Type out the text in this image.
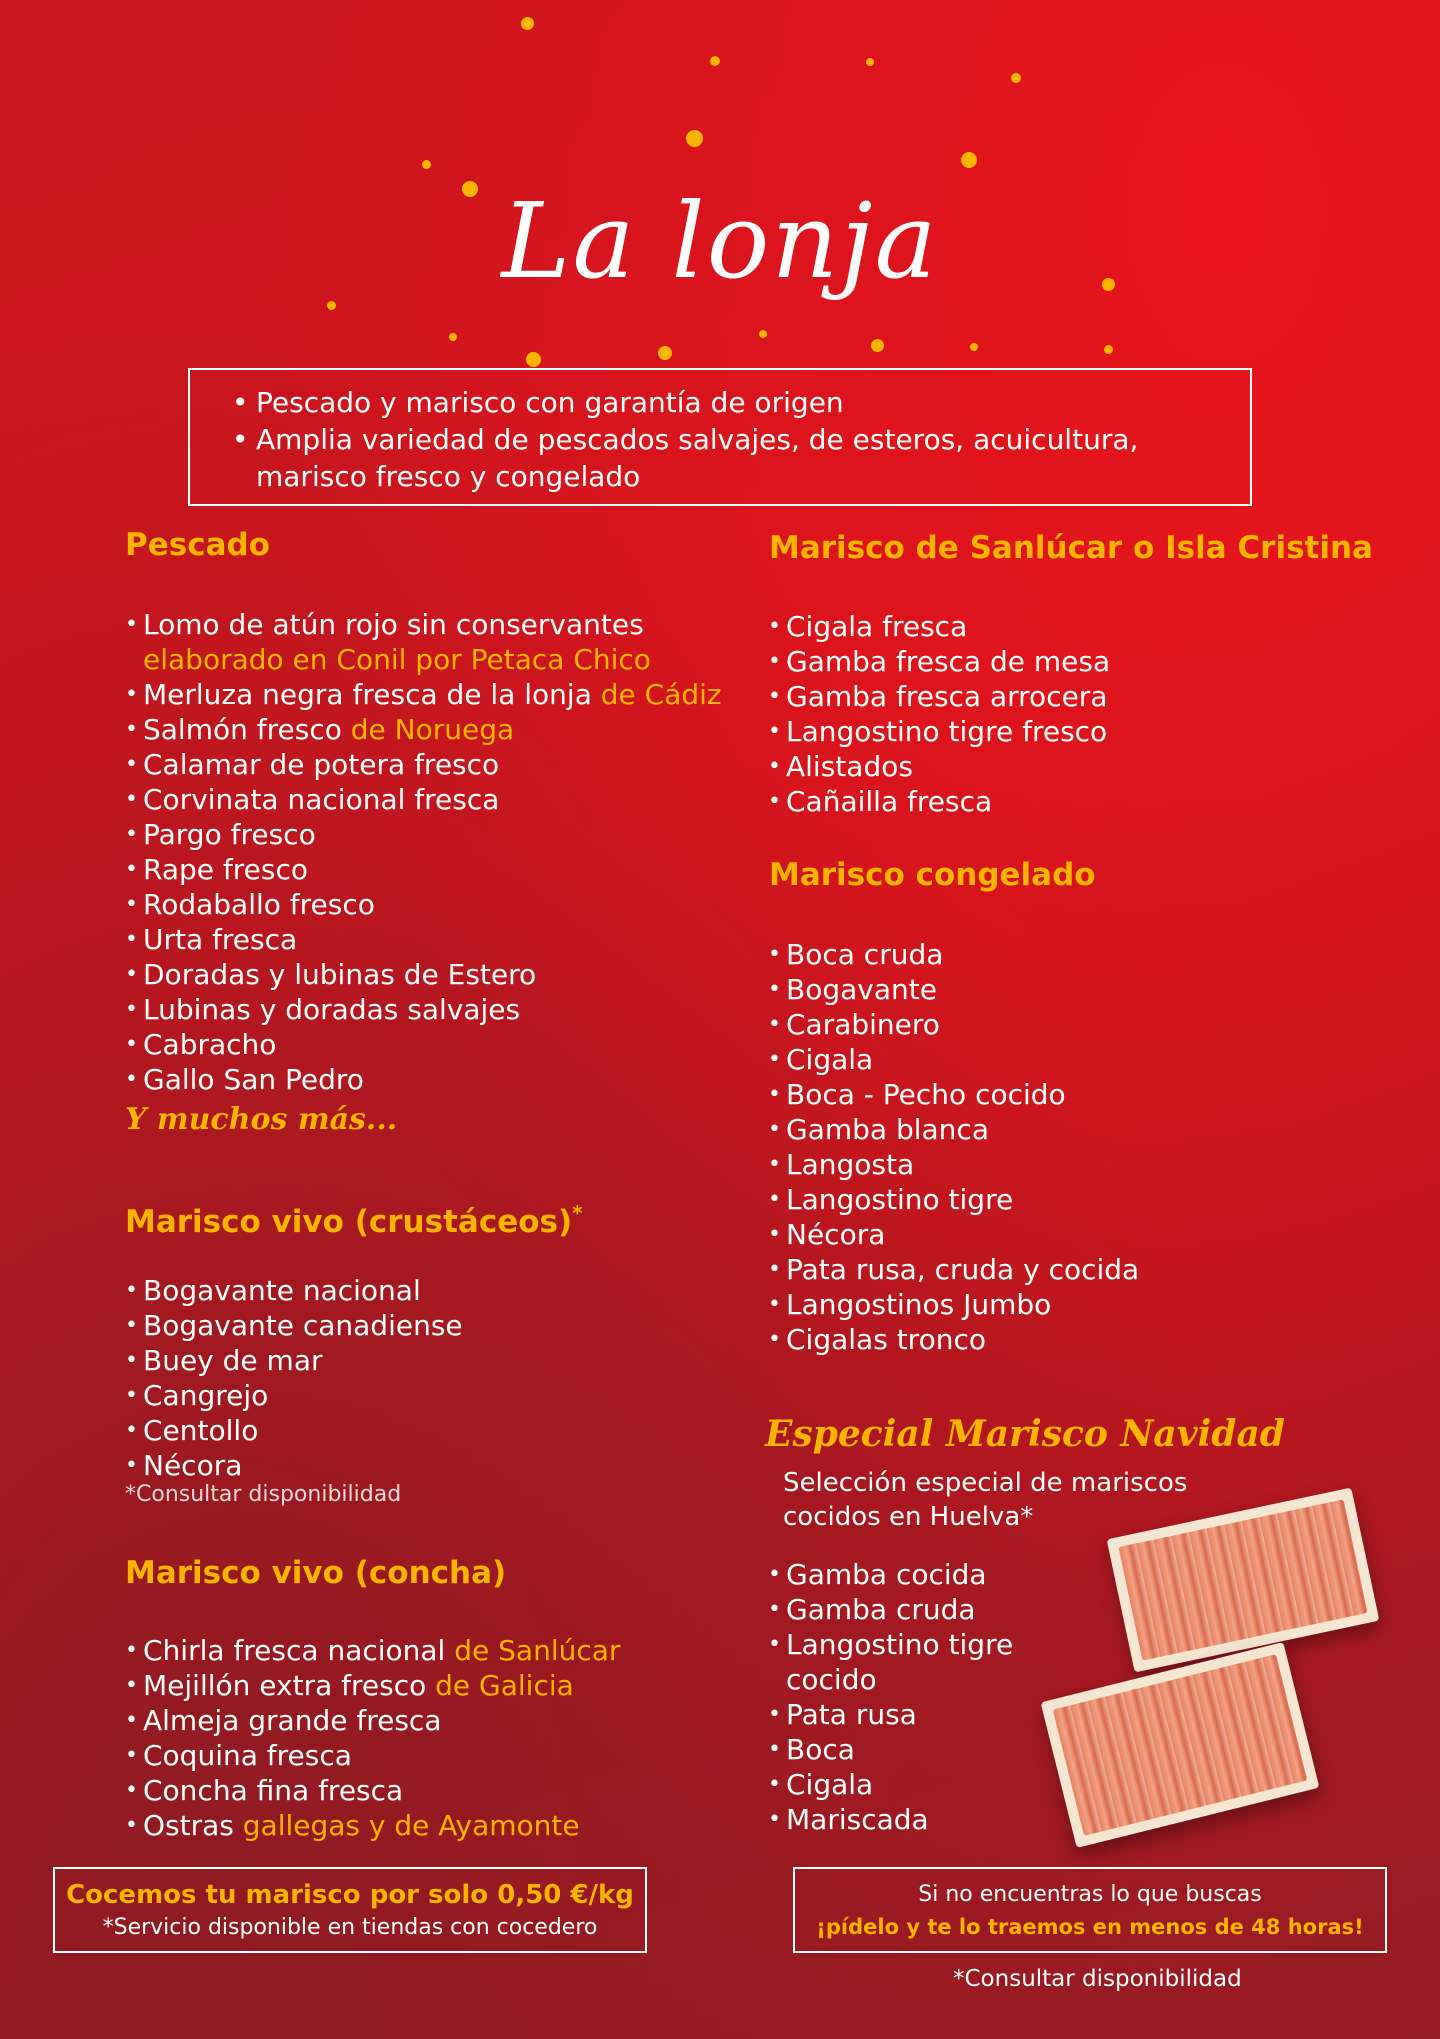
La lonja
• Pescado y marisco con garantía de origen
• Amplia variedad de pescados salvajes, de esteros, acuicultura,
marisco fresco y congelado
Pescado
• Lomo de atún rojo sin conservantes
elaborado en Conil por Petaca Chico
• Merluza negra fresca de la lonja de Cádiz
• Salmón fresco de Noruega
• Calamar de potera fresco
• Corvinata nacional fresca
• Pargo fresco
• Rape fresco
• Rodaballo fresco
• Urta fresca
• Doradas y lubinas de Estero
• Lubinas y doradas salvajes
• Cabracho
• Gallo San Pedro
Y muchos más...
Marisco vivo (crustáceos)*
• Bogavante nacional
• Bogavante canadiense
• Buey de mar
• Cangrejo
• Centollo
• Nécora
*Consultar disponibilidad
Marisco vivo (concha)
• Chirla fresca nacional de Sanlúcar
• Mejillón extra fresco de Galicia
• Almeja grande fresca
• Coquina fresca
• Concha fina fresca
• Ostras gallegas y de Ayamonte
Marisco de Sanlúcar o Isla Cristina
• Cigala fresca
• Gamba fresca de mesa
• Gamba fresca arrocera
• Langostino tigre fresco
• Alistados
• Cañailla fresca
Marisco congelado
• Boca cruda
• Bogavante
• Carabinero
• Cigala
• Boca - Pecho cocido
• Gamba blanca
• Langosta
• Langostino tigre
• Nécora
• Pata rusa, cruda y cocida
• Langostinos Jumbo
• Cigalas tronco
Especial Marisco Navidad
Selección especial de mariscos
cocidos en Huelva*
• Gamba cocida
• Gamba cruda
• Langostino tigre
cocido
• Pata rusa
• Boca
• Cigala
• Mariscada
Cocemos tu marisco por solo 0,50 €/kg
*Servicio disponible en tiendas con cocedero
Si no encuentras lo que buscas
¡pídelo y te lo traemos en menos de 48 horas!
*Consultar disponibilidad
